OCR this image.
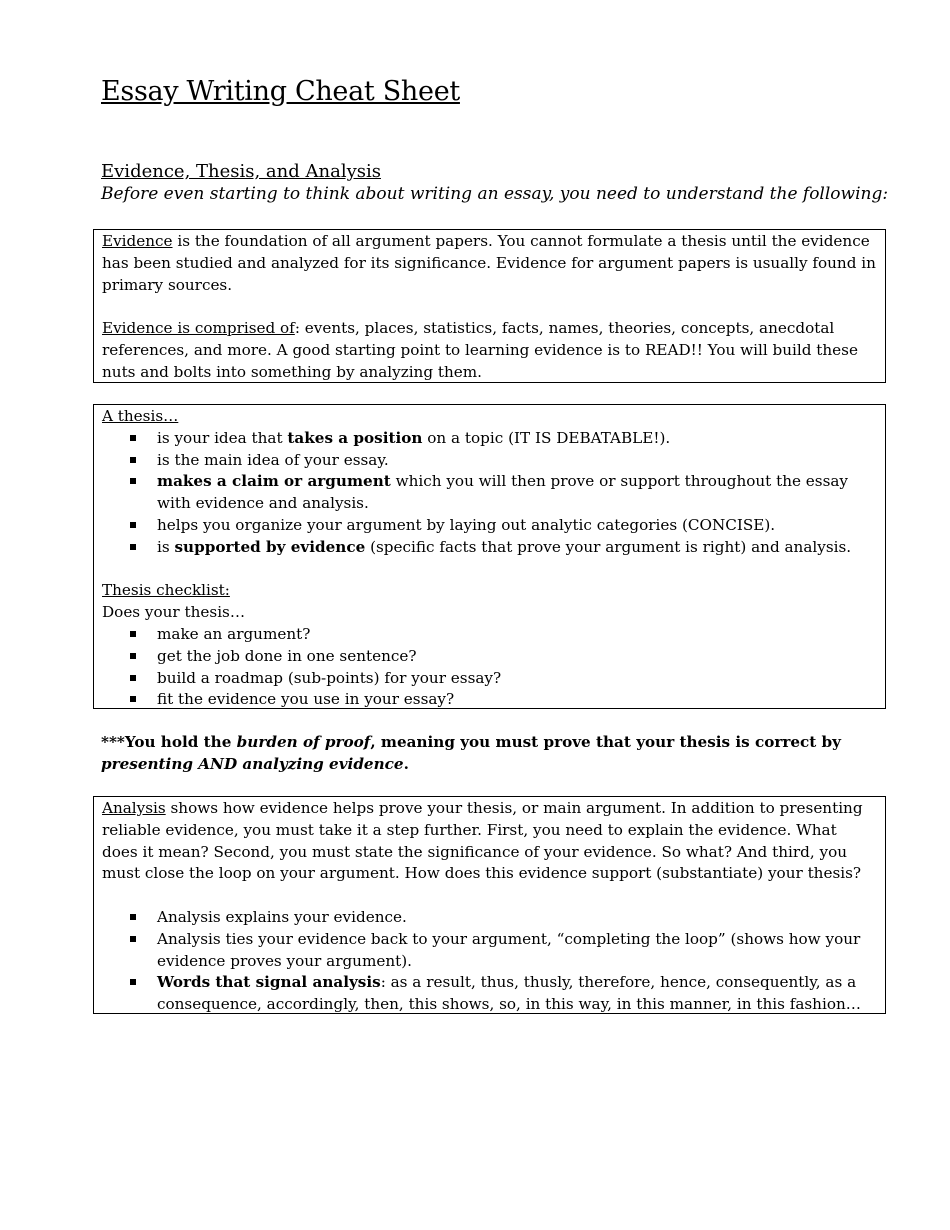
Essay Writing Cheat Sheet
Evidence, Thesis, and Analysis

Before even starting to think about writing an essay, you need to understand the following:

Evidence is the foundation of all argument papers. You cannot formulate a thesis until the evidence has been studied and analyzed for its significance. Evidence for argument papers is usually found in primary sources.

Evidence is comprised of: events, places, statistics, facts, names, theories, concepts, anecdotal references, and more. A good starting point to learning evidence is to READ!! You will build these nuts and bolts into something by analyzing them.

A thesis…

is your idea that takes a position on a topic (IT IS DEBATABLE!).
is the main idea of your essay.
makes a claim or argument which you will then prove or support throughout the essay with evidence and analysis.
helps you organize your argument by laying out analytic categories (CONCISE).
is supported by evidence (specific facts that prove your argument is right) and analysis.

Thesis checklist:

Does your thesis…

make an argument?
get the job done in one sentence?
build a roadmap (sub-points) for your essay?
fit the evidence you use in your essay?

***You hold the burden of proof, meaning you must prove that your thesis is correct by presenting AND analyzing evidence.

Analysis shows how evidence helps prove your thesis, or main argument. In addition to presenting reliable evidence, you must take it a step further. First, you need to explain the evidence. What does it mean? Second, you must state the significance of your evidence. So what? And third, you must close the loop on your argument. How does this evidence support (substantiate) your thesis?

Analysis explains your evidence.
Analysis ties your evidence back to your argument, “completing the loop” (shows how your evidence proves your argument).
Words that signal analysis: as a result, thus, thusly, therefore, hence, consequently, as a consequence, accordingly, then, this shows, so, in this way, in this manner, in this fashion…
